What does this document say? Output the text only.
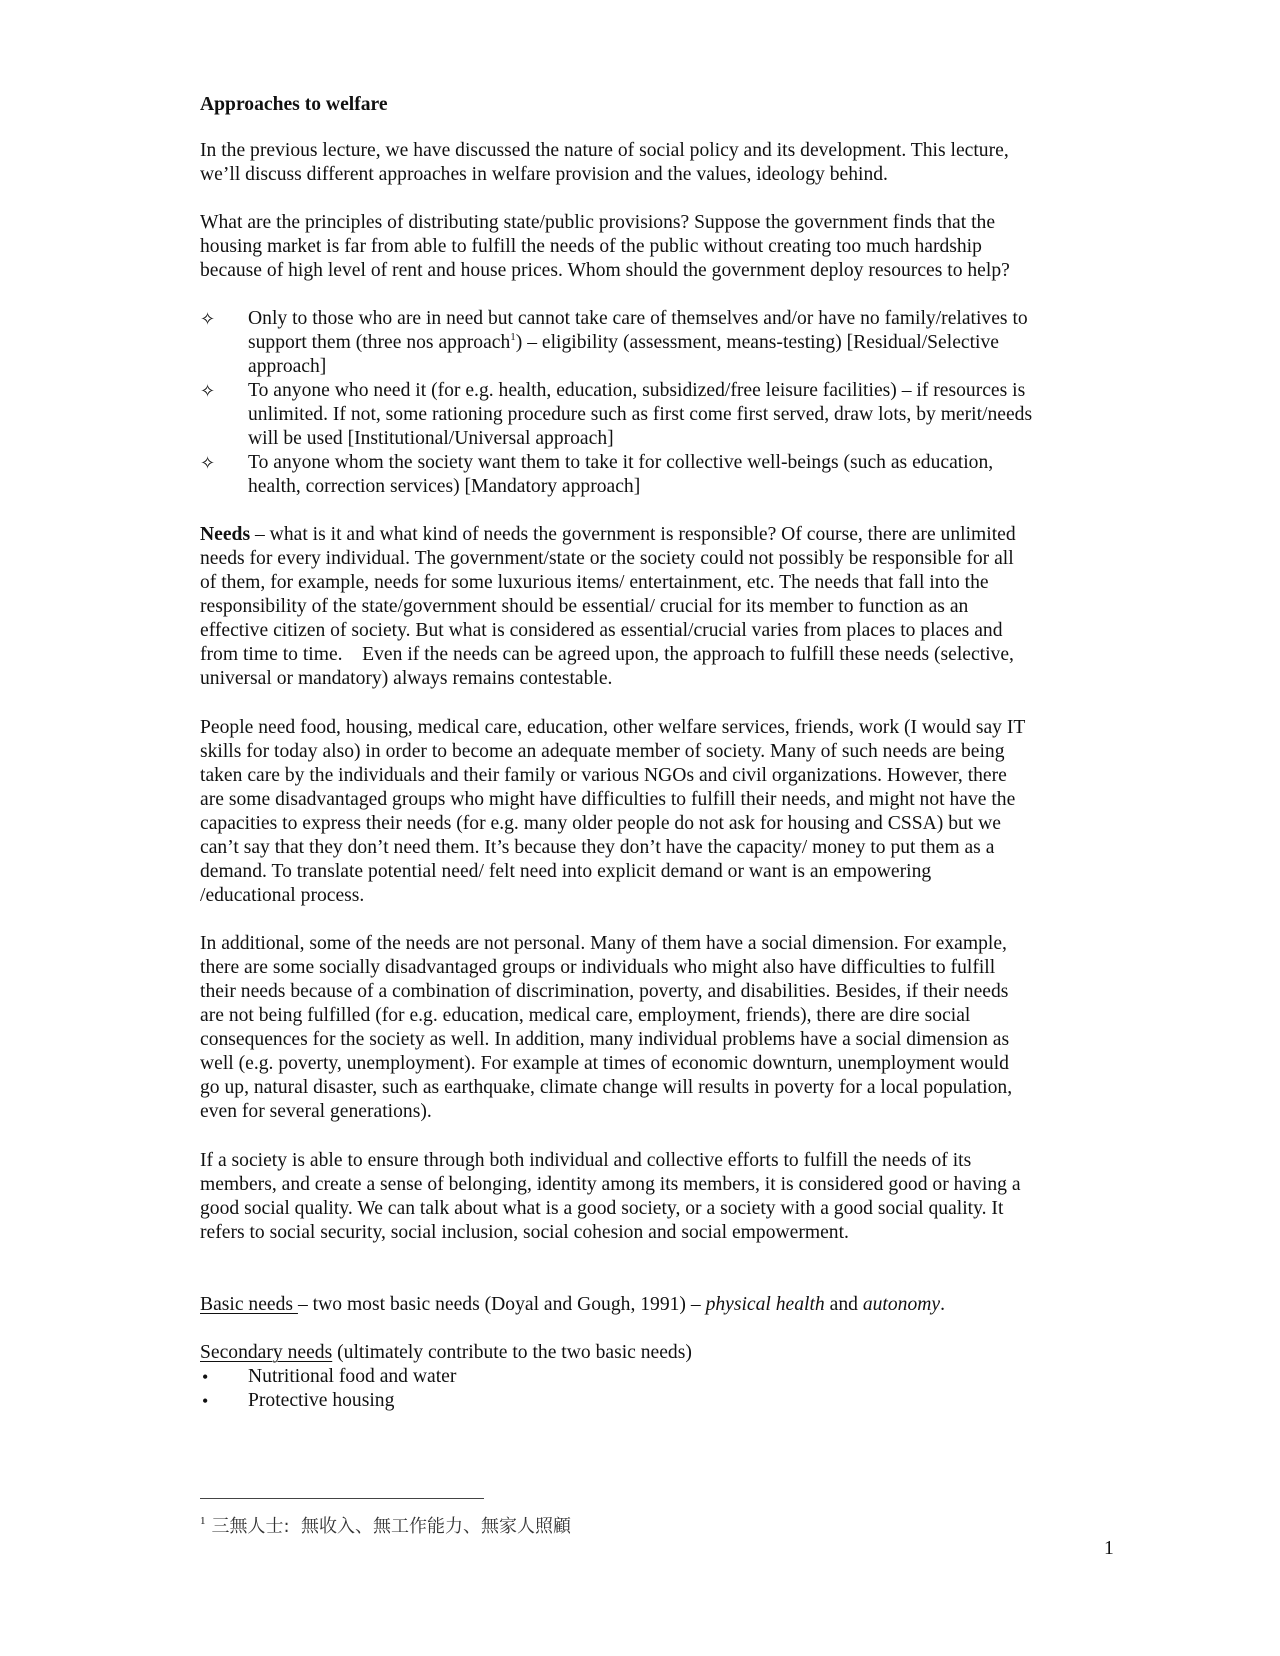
Approaches to welfare
In the previous lecture, we have discussed the nature of social policy and its development. This lecture,
we’ll discuss different approaches in welfare provision and the values, ideology behind.
What are the principles of distributing state/public provisions? Suppose the government finds that the
housing market is far from able to fulfill the needs of the public without creating too much hardship
because of high level of rent and house prices. Whom should the government deploy resources to help?
✧ Only to those who are in need but cannot take care of themselves and/or have no family/relatives to
support them (three nos approach$^1$) – eligibility (assessment, means-testing) [Residual/Selective
approach]
✧ To anyone who need it (for e.g. health, education, subsidized/free leisure facilities) – if resources is
unlimited. If not, some rationing procedure such as first come first served, draw lots, by merit/needs
will be used [Institutional/Universal approach]
✧ To anyone whom the society want them to take it for collective well-beings (such as education,
health, correction services) [Mandatory approach]
Needs – what is it and what kind of needs the government is responsible? Of course, there are unlimited
needs for every individual. The government/state or the society could not possibly be responsible for all
of them, for example, needs for some luxurious items/ entertainment, etc. The needs that fall into the
responsibility of the state/government should be essential/ crucial for its member to function as an
effective citizen of society. But what is considered as essential/crucial varies from places to places and
from time to time.    Even if the needs can be agreed upon, the approach to fulfill these needs (selective,
universal or mandatory) always remains contestable.
People need food, housing, medical care, education, other welfare services, friends, work (I would say IT
skills for today also) in order to become an adequate member of society. Many of such needs are being
taken care by the individuals and their family or various NGOs and civil organizations. However, there
are some disadvantaged groups who might have difficulties to fulfill their needs, and might not have the
capacities to express their needs (for e.g. many older people do not ask for housing and CSSA) but we
can’t say that they don’t need them. It’s because they don’t have the capacity/ money to put them as a
demand. To translate potential need/ felt need into explicit demand or want is an empowering
/educational process.
In additional, some of the needs are not personal. Many of them have a social dimension. For example,
there are some socially disadvantaged groups or individuals who might also have difficulties to fulfill
their needs because of a combination of discrimination, poverty, and disabilities. Besides, if their needs
are not being fulfilled (for e.g. education, medical care, employment, friends), there are dire social
consequences for the society as well. In addition, many individual problems have a social dimension as
well (e.g. poverty, unemployment). For example at times of economic downturn, unemployment would
go up, natural disaster, such as earthquake, climate change will results in poverty for a local population,
even for several generations).
If a society is able to ensure through both individual and collective efforts to fulfill the needs of its
members, and create a sense of belonging, identity among its members, it is considered good or having a
good social quality. We can talk about what is a good society, or a society with a good social quality. It
refers to social security, social inclusion, social cohesion and social empowerment.
Basic needs – two most basic needs (Doyal and Gough, 1991) – physical health and autonomy.
Secondary needs (ultimately contribute to the two basic needs)
• Nutritional food and water
• Protective housing
$^1$ 三無人士:  無收入、無工作能力、無家人照顧
1
